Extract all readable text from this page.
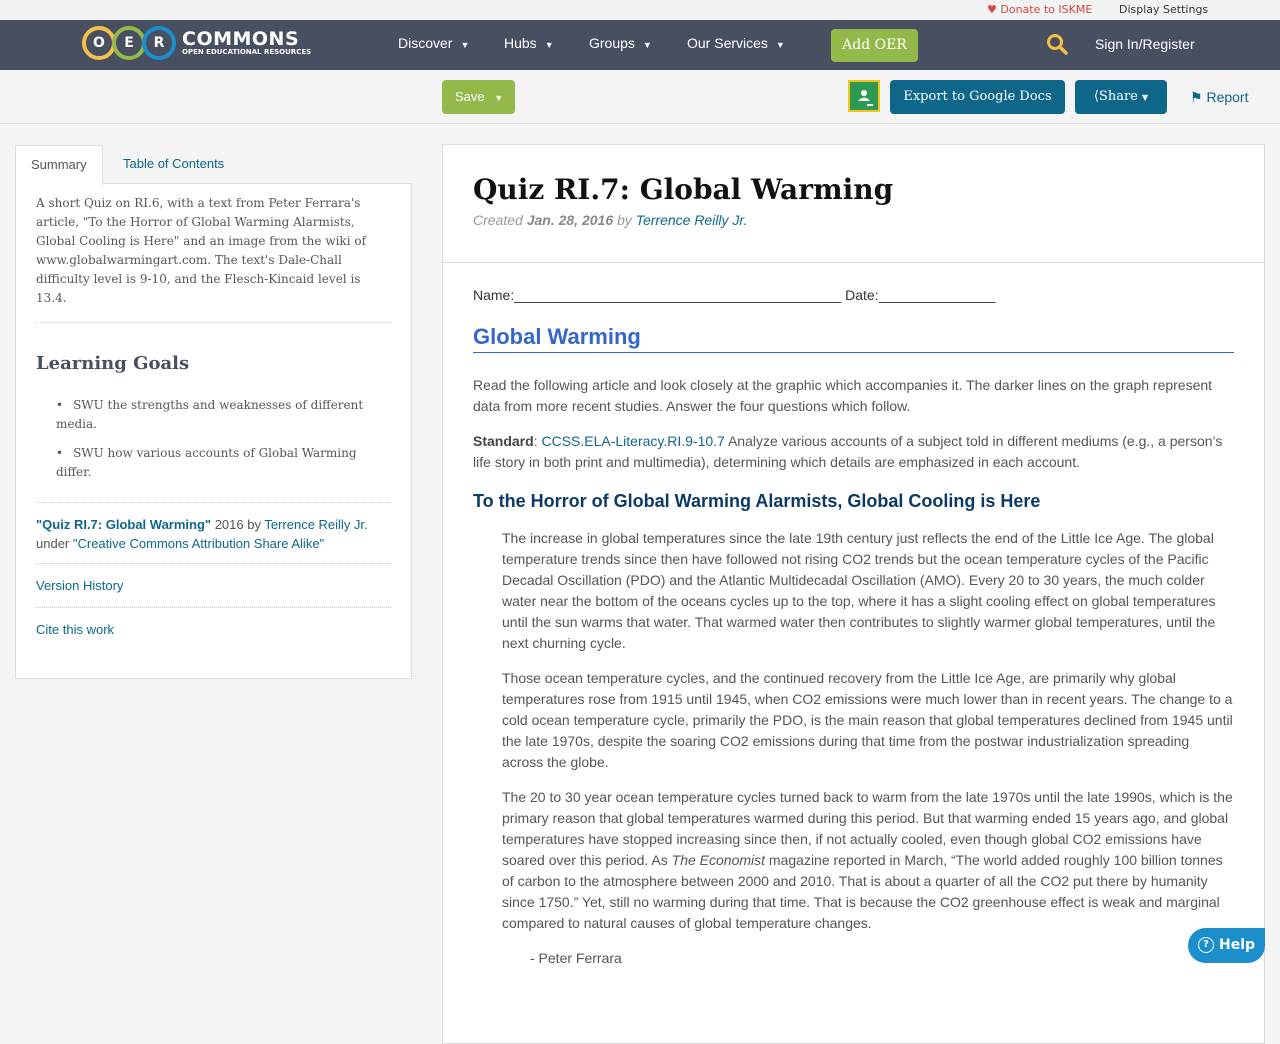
♥ Donate to ISKME Display Settings
O	E	R COMMONS
OPEN EDUCATIONAL RESOURCES
Discover ▼ Hubs ▼	Groups ▼	Our Services ▼	Add OER	Sign In/Register
Save ▼	Export to Google Docs	⟨Share ▼	⚑ Report
Summary	Table of Contents

A short Quiz on RI.6, with a text from Peter Ferrara's article, "To the Horror of Global Warming Alarmists, Global Cooling is Here" and an image from the wiki of www.globalwarmingart.com. The text's Dale-Chall difficulty level is 9-10, and the Flesch-Kincaid level is 13.4.

Learning Goals
• SWU the strengths and weaknesses of different media.
• SWU how various accounts of Global Warming differ.
"Quiz RI.7: Global Warming" 2016 by Terrence Reilly Jr.
under "Creative Commons Attribution Share Alike"
Version History
Cite this work
Quiz RI.7: Global Warming
Created Jan. 28, 2016 by Terrence Reilly Jr.

Name:__________________________________________ Date:_______________

Global Warming

Read the following article and look closely at the graphic which accompanies it. The darker lines on the graph represent data from more recent studies. Answer the four questions which follow.

Standard: CCSS.ELA-Literacy.RI.9-10.7 Analyze various accounts of a subject told in different mediums (e.g., a person’s life story in both print and multimedia), determining which details are emphasized in each account.

To the Horror of Global Warming Alarmists, Global Cooling is Here

The increase in global temperatures since the late 19th century just reflects the end of the Little Ice Age. The global temperature trends since then have followed not rising CO2 trends but the ocean temperature cycles of the Pacific Decadal Oscillation (PDO) and the Atlantic Multidecadal Oscillation (AMO). Every 20 to 30 years, the much colder water near the bottom of the oceans cycles up to the top, where it has a slight cooling effect on global temperatures until the sun warms that water. That warmed water then contributes to slightly warmer global temperatures, until the next churning cycle.

Those ocean temperature cycles, and the continued recovery from the Little Ice Age, are primarily why global temperatures rose from 1915 until 1945, when CO2 emissions were much lower than in recent years. The change to a cold ocean temperature cycle, primarily the PDO, is the main reason that global temperatures declined from 1945 until the late 1970s, despite the soaring CO2 emissions during that time from the postwar industrialization spreading across the globe.

The 20 to 30 year ocean temperature cycles turned back to warm from the late 1970s until the late 1990s, which is the primary reason that global temperatures warmed during this period. But that warming ended 15 years ago, and global temperatures have stopped increasing since then, if not actually cooled, even though global CO2 emissions have soared over this period. As The Economist magazine reported in March, “The world added roughly 100 billion tonnes of carbon to the atmosphere between 2000 and 2010. That is about a quarter of all the CO2 put there by humanity since 1750.” Yet, still no warming during that time. That is because the CO2 greenhouse effect is weak and marginal compared to natural causes of global temperature changes.

- Peter Ferrara

? Help
